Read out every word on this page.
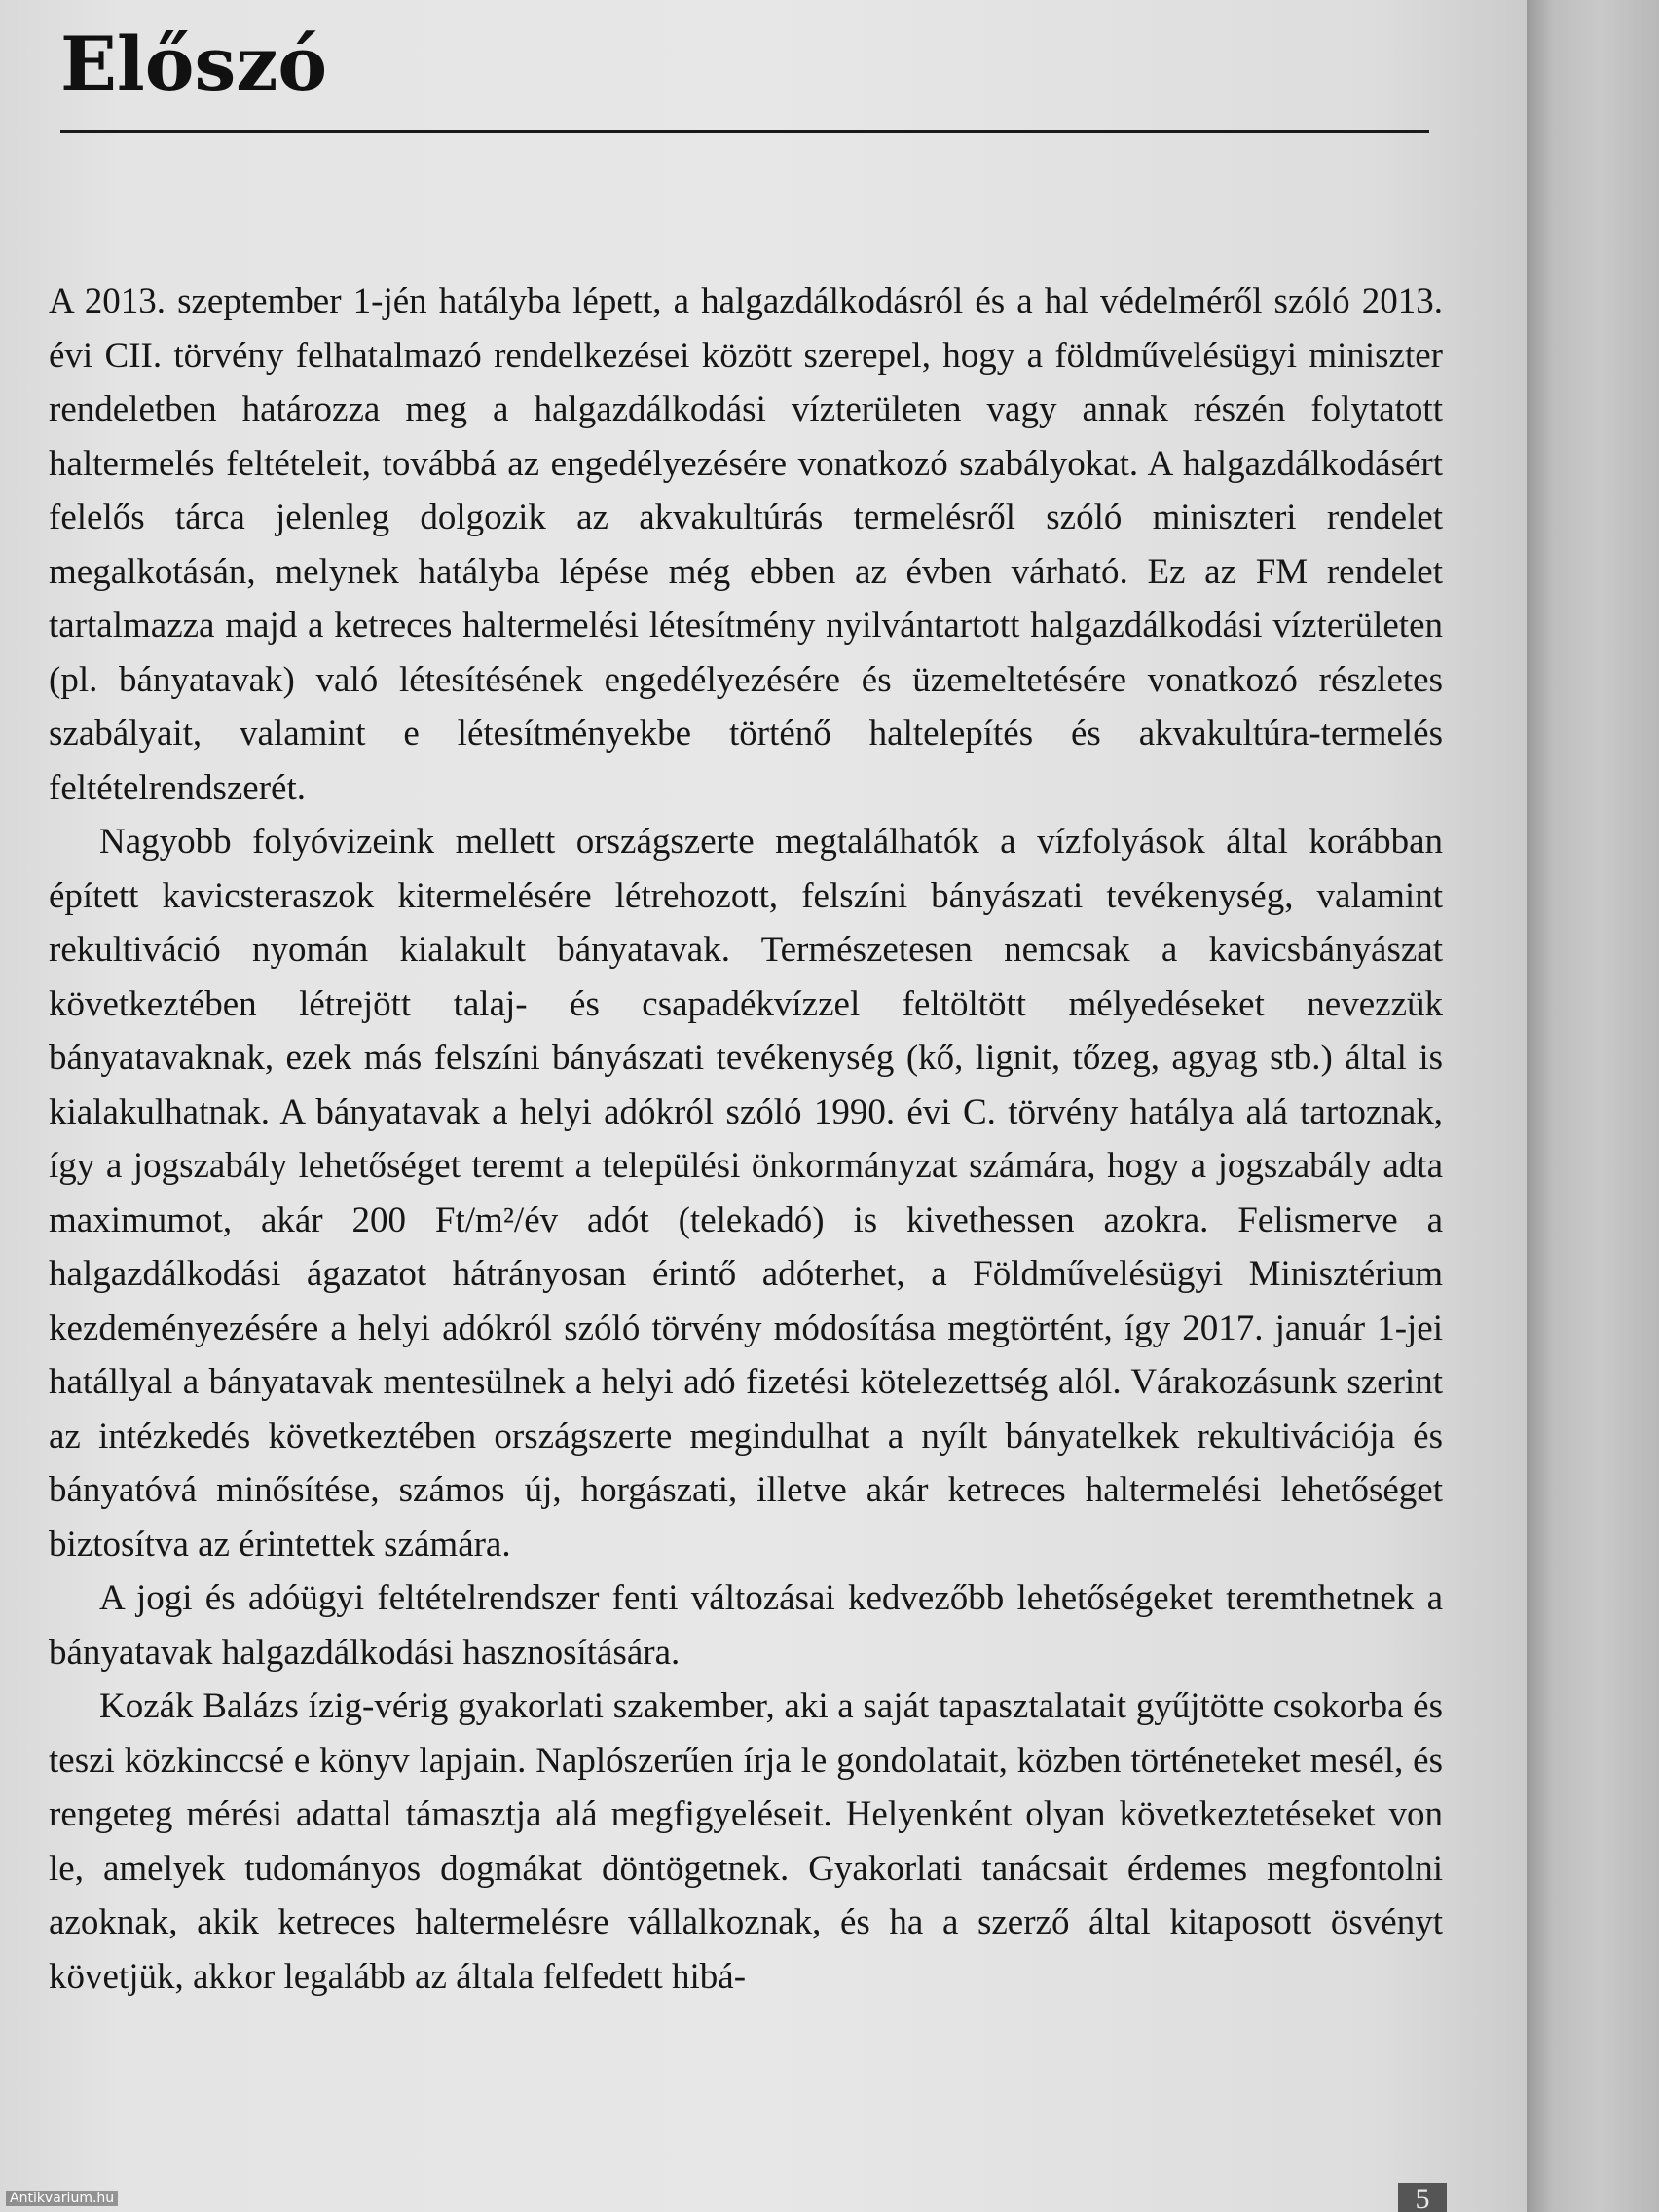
Előszó

A 2013. szeptember 1-jén hatályba lépett, a halgazdálkodásról és a hal védelméről szóló 2013. évi CII. törvény felhatalmazó rendelkezései között szerepel, hogy a földművelésügyi miniszter rendeletben határozza meg a halgazdálkodási vízterületen vagy annak részén folytatott haltermelés feltételeit, továbbá az engedélyezésére vonatkozó szabályokat. A halgazdálkodásért felelős tárca jelenleg dolgozik az akvakultúrás termelésről szóló miniszteri rendelet megalkotásán, melynek hatályba lépése még ebben az évben várható. Ez az FM rendelet tartalmazza majd a ketreces haltermelési létesítmény nyilvántartott halgazdálkodási vízterületen (pl. bányatavak) való létesítésének engedélyezésére és üzemeltetésére vonatkozó részletes szabályait, valamint e létesítményekbe történő haltelepítés és akvakultúra-termelés feltételrendszerét.

Nagyobb folyóvizeink mellett országszerte megtalálhatók a vízfolyások által korábban épített kavicsteraszok kitermelésére létrehozott, felszíni bányászati tevékenység, valamint rekultiváció nyomán kialakult bányatavak. Természetesen nemcsak a kavicsbányászat következtében létrejött talaj- és csapadékvízzel feltöltött mélyedéseket nevezzük bányatavaknak, ezek más felszíni bányászati tevékenység (kő, lignit, tőzeg, agyag stb.) által is kialakulhatnak. A bányatavak a helyi adókról szóló 1990. évi C. törvény hatálya alá tartoznak, így a jogszabály lehetőséget teremt a települési önkormányzat számára, hogy a jogszabály adta maximumot, akár 200 Ft/m²/év adót (telekadó) is kivethessen azokra. Felismerve a halgazdálkodási ágazatot hátrányosan érintő adóterhet, a Földművelésügyi Minisztérium kezdeményezésére a helyi adókról szóló törvény módosítása megtörtént, így 2017. január 1-jei hatállyal a bányatavak mentesülnek a helyi adó fizetési kötelezettség alól. Várakozásunk szerint az intézkedés következtében országszerte megindulhat a nyílt bányatelkek rekultivációja és bányatóvá minősítése, számos új, horgászati, illetve akár ketreces haltermelési lehetőséget biztosítva az érintettek számára.

A jogi és adóügyi feltételrendszer fenti változásai kedvezőbb lehetőségeket teremthetnek a bányatavak halgazdálkodási hasznosítására.

Kozák Balázs ízig-vérig gyakorlati szakember, aki a saját tapasztalatait gyűjtötte csokorba és teszi közkinccsé e könyv lapjain. Naplószerűen írja le gondolatait, közben történeteket mesél, és rengeteg mérési adattal támasztja alá megfigyeléseit. Helyenként olyan következtetéseket von le, amelyek tudományos dogmákat döntögetnek. Gyakorlati tanácsait érdemes megfontolni azoknak, akik ketreces haltermelésre vállalkoznak, és ha a szerző által kitaposott ösvényt követjük, akkor legalább az általa felfedett hibá-

Antikvarium.hu	5
